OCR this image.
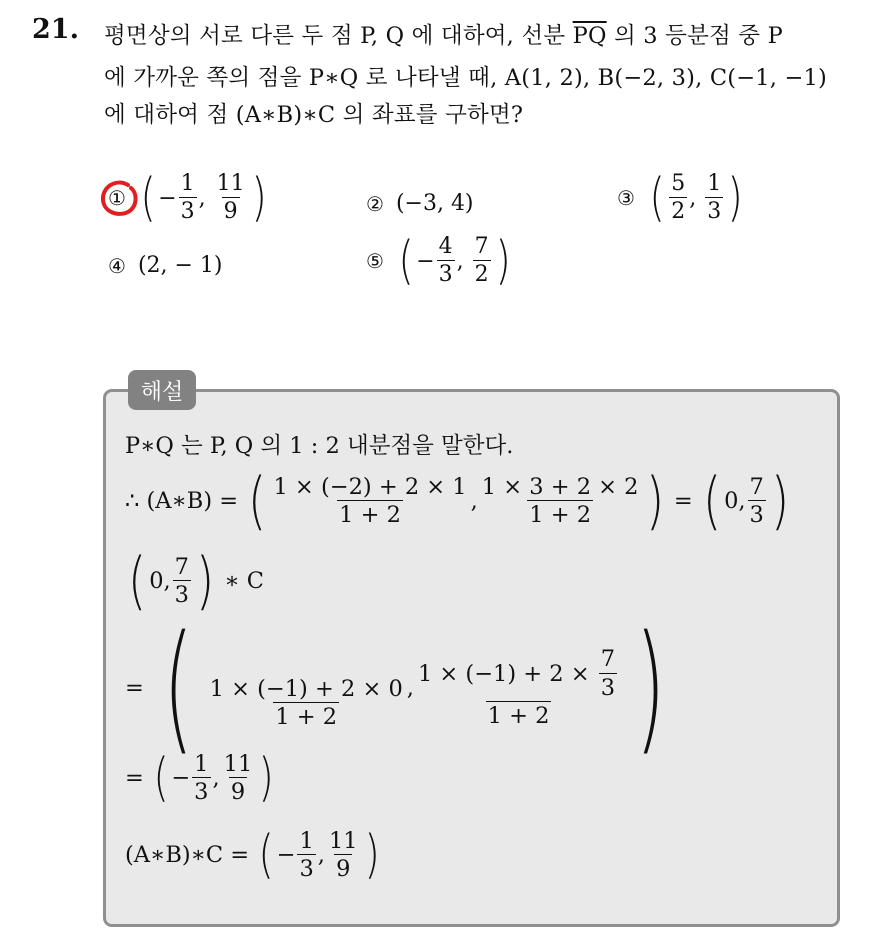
21. 평면상의 서로 다른 두 점 P, Q 에 대하여, 선분 $\overline{PQ}$ 의 3 등분점 중 P
에 가까운 쪽의 점을 P∗Q 로 나타낼 때, A(1, 2), B(−2, 3), C(−1, −1)
에 대하여 점 (A∗B)∗C 의 좌표를 구하면?
① ( − $\frac{1}{3}$ ,
$\frac{11}{9}$ )	② (−3, 4)	③ ( $\frac{5}{2}$ ,
$\frac{1}{3}$ )
④ (2, − 1)	⑤ ( − $\frac{4}{3}$ ,
$\frac{7}{2}$ )
해설
P∗Q 는 P, Q 의 1 : 2 내분점을 말한다.
∴ (A∗B) =
( $\frac{1 \times (-2) + 2 \times 1}{1 + 2}$ , $\frac{1 \times 3 + 2 \times 2}{1 + 2}$ )
=
( 0, $\frac{7}{3}$ )
( 0, $\frac{7}{3}$ )
∗ C
=
( $\frac{1 \times (-1) + 2 \times 0}{1 + 2}$ , 1 × (−1) + 2 ×
$\frac{7}{3}$
1 + 2 )
=
( − $\frac{1}{3}$ , $\frac{11}{9}$ )
(A∗B)∗C =
( − $\frac{1}{3}$ , $\frac{11}{9}$ )
